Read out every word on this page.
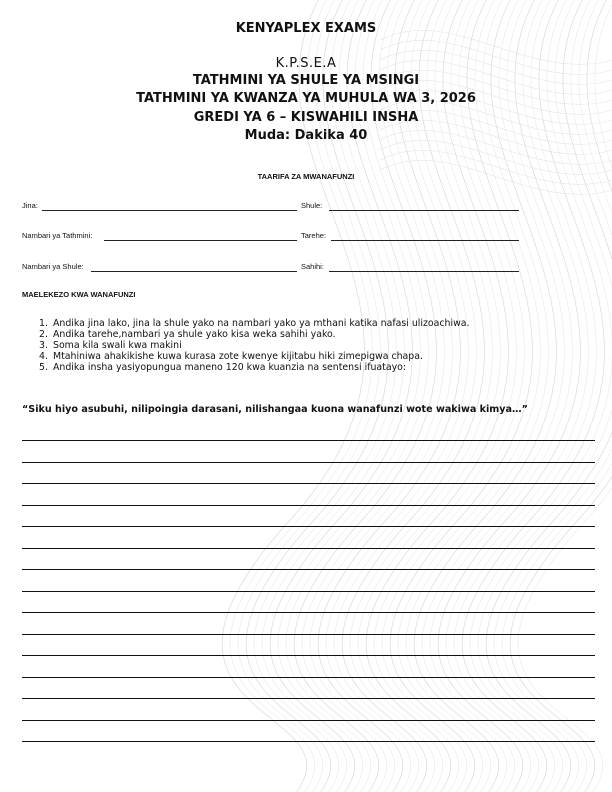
KENYAPLEX EXAMS
K.P.S.E.A
TATHMINI YA SHULE YA MSINGI
TATHMINI YA KWANZA YA MUHULA WA 3, 2026
GREDI YA 6 – KISWAHILI INSHA
Muda: Dakika 40
TAARIFA ZA MWANAFUNZI
Jina:	Shule:
Nambari ya Tathmini:	Tarehe:
Nambari ya Shule:	Sahihi:
MAELEKEZO KWA WANAFUNZI
1. Andika jina lako, jina la shule yako na nambari yako ya mthani katika nafasi ulizoachiwa.
2. Andika tarehe,nambari ya shule yako kisa weka sahihi yako.
3. Soma kila swali kwa makini
4. Mtahiniwa ahakikishe kuwa kurasa zote kwenye kijitabu hiki zimepigwa chapa.
5. Andika insha yasiyopungua maneno 120 kwa kuanzia na sentensi ifuatayo:
“Siku hiyo asubuhi, nilipoingia darasani, nilishangaa kuona wanafunzi wote wakiwa kimya…”
